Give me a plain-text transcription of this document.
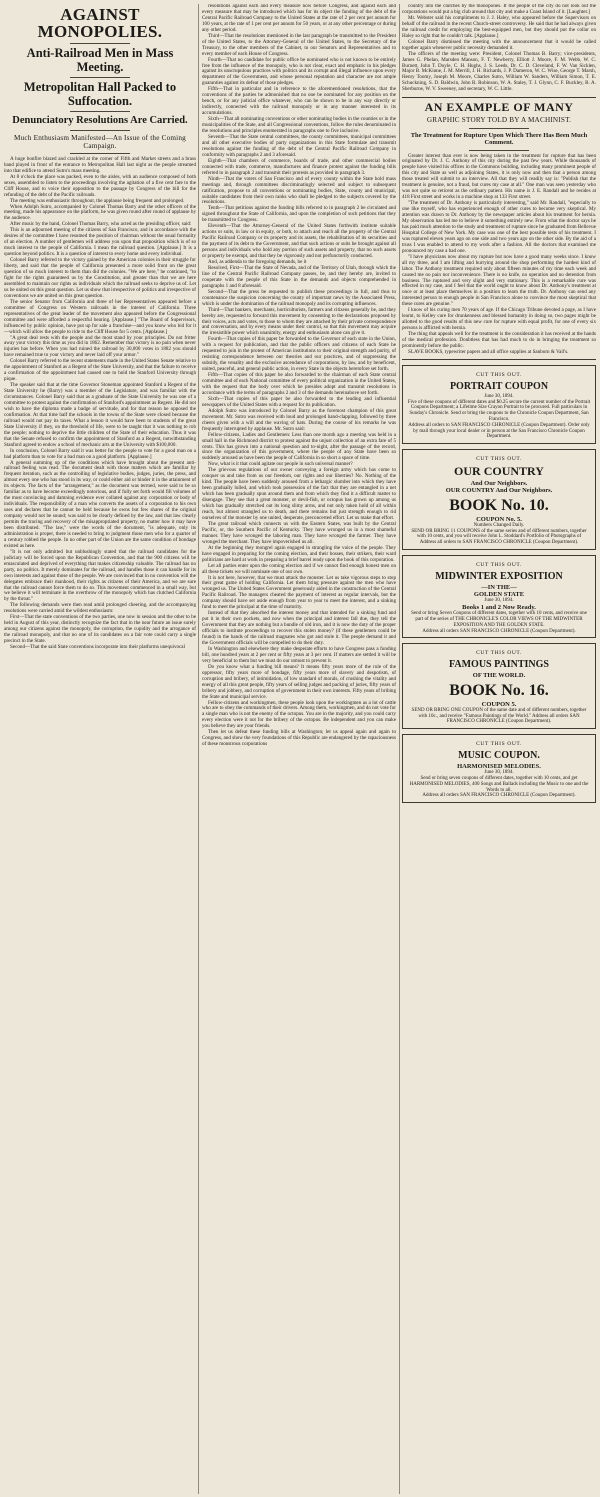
AGAINST MONOPOLIES.
Anti-Railroad Men in Mass Meeting.
Metropolitan Hall Packed to Suffocation.
Denunciatory Resolutions Are Carried.
Much Enthusiasm Manifested—An Issue of the Coming Campaign.

A huge bonfire blazed and crackled at the corner of Fifth and Market streets and a brass band played in front of the entrance to Metropolitan Hall last night as the people streamed into that edifice to attend Sutro's mass meeting.

At 8 o'clock the place was packed, even to the aisles, with an audience composed of both sexes, assembled to listen to the proceedings involving the agitation of a five cent fare to the Cliff House, and to voice their opposition to the passage by Congress of the bill for the refunding of the debt of the Pacific railroads.

The meeting was enthusiastic throughout, the applause being frequent and prolonged.

When Adolph Sutro, accompanied by Colonel Thomas Barry and the other officers of the meeting, made his appearance on the platform, he was given round after round of applause by the audience.

After music by the band, Colonel Thomas Barry, who acted as the presiding officer, said:

This is an adjourned meeting of the citizens of San Francisco, and in accordance with the desires of the committee I have resumed the position of chairman without the usual formality of an election. A number of gentlemen will address you upon that proposition which is of so much interest to the people of California. I mean the railroad question. [Applause.] It is a question beyond politics. It is a question of interest to every home and every individual.

Colonel Barry referred to the victory gained by the American colonies in their struggle for liberty, and said that the people of California presented a more solid front on the great question of so much interest to them than did the colonies. "We are here," he continued, "to fight for the rights guaranteed us by the Constitution, and greater than that we are here assembled to maintain our rights as individuals which the railroad seeks to deprive us of. Let us be united on this great question. Let us show that irrespective of politics and irrespective of conventions we are united on this great question.

The senior Senator from California and three of her Representatives appeared before a committee of Congress on Western railroads in the interest of California. Three representatives of the great leader of the movement also appeared before the Congressional committee and were afforded a respectful hearing. [Applause.] "The Board of Supervisors, influenced by public opinion, have put up for sale a franchise—and you know who bid for it—which will allow the people to ride to the Cliff House for 5 cents. [Applause.]

"A great deal rests with the people and the most stand by your principles. Do not fritter away your victory this time as you did in 1862. Remember that victory is no pain when never injuries has before. When you had ruined the railroad by 30,000 votes in 1882 you should have remained true to your victory and never laid off your armor."

Colonel Barry referred to the recent statements made in the United States Senate relative to the appointment of Stanford as a Regent of the State University, and that the failure to receive a confirmation of the appointment had caused one to hold the Stanford University through pique.

The speaker said that at the time Governor Stoneman appointed Stanford a Regent of the State University he (Barry) was a member of the Legislature, and was familiar with the circumstances. Colonel Barry said that as a graduate of the State University he was one of a committee to protest against the confirmation of Stanford's appointment as Regent. He did not wish to have the diploma made a badge of servitude, and for that reason he opposed the confirmation. At that time half the schools in the towns of the State were closed because the railroad would not pay its taxes. What a lesson it would have been to students of the great State University if they, on the threshold of life, were to be taught that it was nothing to rob the people; nothing to deprive the little children of the State of their education. Thus it was that the Senate refused to confirm the appointment of Stanford as a Regent, notwithstanding Stanford agreed to endow a school of mechanic arts at the University with $100,000.

In conclusion, Colonel Barry said it was better for the people to vote for a good man on a bad platform than to vote for a bad man on a good platform. [Applause.]

A general summing up of the conditions which have brought about the present anti-railroad feeling was read. The document dealt with those matters which are familiar by frequent iteration, such as the controlling of legislative bodies, judges, juries, the press, and almost every one who has stood in its way, or could either aid or hinder it in the attainment of its objects. The facts of the "arrangement," as the document was termed, were said to be so familiar as to have become exceedingly notorious, and if fully set forth would fill volumes of the most convincing and damning evidence ever collated against any corporation or body of individuals. The responsibility of a man who converts the assets of a corporation to his own uses and declares that he cannot be held because he owns but few shares of the original company would not be sound; was said to be clearly defined by the law, and that law clearly permits the tracing and recovery of the misappropriated property, no matter how it may have been distributed. "The law," were the words of the document, "is adequate, only its administration is proper, there is needed to bring to judgment those men who for a quarter of a century robbed the people. In no other part of the Union are the same condition of bondage existed as here.

"It is not only admitted but unblushingly stated that the railroad candidates for the judiciary will be forced upon the Republican Convention, and that the 900 citizens will be emasculated and deprived of everything that makes citizenship valuable. The railroad has no party, no politics. It merely dominates for the railroad, and handles those it can handle for its own interests and against those of the people. We are convinced that in no convention will the delegates embrace their manhood, their rights as citizens of their America, and we are sure that the railroad cannot force them to do so. This movement commenced in a small way, but we believe it will terminate in the overthrow of the monopoly which has clutched California by the throat."

The following demands were then read amid prolonged cheering, and the accompanying resolutions were carried amid the wildest enthusiasm:

First—That the state conventions of the two parties, one now in session and the other to be held in August of this year, distinctly recognize the fact that in the near future an issue surely among our citizens against the monopoly, the corruption, the cupidity and the arrogance of the railroad monopoly, and that no one of its candidates on a fair vote could carry a single precinct in the State.

Second—That the said State conventions incorporate into their platforms unequivocal

resolutions against each and every measure now before Congress, and against each and every measure that may be introduced which has for its object the funding of the debt of the Central Pacific Railroad Company to the United States at the rate of 2 per cent per annum for 100 years, at the rate of 1 per cent per annum for 50 years, or at any other percentage or during any other period.

Third—That the resolutions mentioned in the last paragraph be transmitted to the President of the United States, to the Attorney-General of the United States, to the Secretary of the Treasury, to the other members of the Cabinet, to our Senators and Representatives and to every member of each House of Congress.

Fourth—That no candidate for public office be nominated who is not known to be entirely free from the influence of the monopoly, who is not clear, exact and emphatic in his pledges against its unscrupulous practices with politics and its corrupt and illegal influence upon every department of the Government, and whose personal reputation and character are not ample guaranties against its defeat of those pledges.

Fifth—That in particular and in reference to the aforementioned resolutions, that the conventions of the parties be admonished that no one be nominated for any position on the bench, or for any judicial office whatever, who can be shown to be in any way directly or indirectly, connected with the railroad monopoly or in any manner interested in its accumulations.

Sixth—That all nominating conventions or other nominating bodies in the counties or in the municipalities of the State, and all Congressional conventions, follow the rules denominated in the resolutions and principles enumerated in paragraphs one to five inclusive.

Seventh—That the State central committees, the county committees, municipal committees and all other executive bodies of party organizations in this State formulate and transmit resolutions against the funding of the debt of the Central Pacific Railroad Company in conformity with paragraphs 2 and 3 aforesaid.

Eighth—That chambers of commerce, boards of trade, and other commercial bodies connected with trade, commerce, manufactures and finance protest against the funding bills referred to in paragraph 2 and transmit their protests as provided in paragraph 3.

Ninth—That the voters of San Francisco and of every county within the State hold mass meetings and, through committees discriminatingly selected and subject to subsequent ratification, propose to all conventions or nominating bodies, State, county and municipal, suitable candidates from their own ranks who shall be pledged to the subjects covered by the resolutions.

Tenth—That petitions against the funding bills referred to in paragraph 2 be circulated and signed throughout the State of California, and upon the completion of such petitions that they be transmitted to Congress.

Eleventh—That the Attorney-General of the United States forthwith institute suitable actions or suits, in law or in equity, or both, to attach and reach all the property of the Central Pacific Railroad Company or its property and its assets, the rehabilitation of its securities and the payment of its debt to the Government, and that such actions or suits be brought against all persons and individuals who hold any portion of such assets and property, that no such assets or property be exempt, and that they be vigorously and not perfunctorily conducted.

And, as addenda to the foregoing demands, be it

Resolved, First—That the State of Nevada, and of the Territory of Utah, through which the line of the Central Pacific Railroad Company passes, be, and they hereby are, invited to cooperate with the people of this State in the demands and objects comprehended in paragraphs 1 and 8 aforesaid.

Second—That the press be requested to publish these proceedings in full, and thus to countenance the suspicion concerning the county of important news by the Associated Press, which is under the domination of the railroad monopoly and its corrupting influences.

Third—That bankers, merchants, horticulturists, farmers and citizens generally be, and they hereby are, requested to forward this movement by consenting to the declarations proposed by their voices, acts and votes, to those to whom they are attached by their private correspondence and conversation, and by every means under their control, so that this movement may acquire the irresistible power which unanimity, energy and enthusiasm alone can give it.

Fourth—That copies of this paper be forwarded to the Governor of each state in the Union, with a request for publication, and that the public officers and citizens of each State be requested to join in the protest of American institutions to their original strength and purity, of resisting correspondence between our theories and our practices, and of suppressing the subsidy, the venality and the exclusive ascendance of corporations, by law, and by beneficent, united, peaceful, and general public action, in every State in the objects heretofore set forth.

Fifth—That copies of this paper be also forwarded to the chairman of each State central committee and of each National committee of every political organization in the United States, with the request that the body over which he presides adopt and transmit resolutions in accordance with the terms of paragraphs 2 and 3 of the demands hereinabove set forth.

Sixth—That copies of this paper be also forwarded to the leading and influential newspapers of the United States with a request for its publication.

Adolph Sutro was introduced by Colonel Barry as the foremost champion of this great movement. Mr. Sutro was received with loud and prolonged hand-clapping, followed by three cheers given with a will and the waving of hats. During the course of his remarks he was frequently interrupted by applause. Mr. Sutro said:

Fellow-citizens, Ladies and Gentlemen: Less than one month ago a meeting was held in a small hall in the Richmond district to protest against the unjust collection of an extra fare of 5 cents. This has grown into a national question and to-night, after the passage of the record, since the organization of this government, where the people of any State have been so suddenly aroused as have been the people of California in so short a space of time.

Now, what is it that could agitate our people in such universal manner?

The grievous regulations of our owner conveying a foreign army which has come to conquer us and take from us our freedom, our rights and our liberties? No. Nothing of the kind. The people have been suddenly aroused from a lethargic slumber into which they have been gradually lulled, and which took possession of the fact that they are entangled in a net which has been gradually spun around them and from which they find it a difficult matter to disengage. They see that a great monster, or devil-fish, or octopus has grown up among us which has gradually stretched out its long slimy arms, and not only taken hold of all within reach, but almost strangled us to death, and there remains but just strength enough to rid ourselves of the monster by one united, desperate, preconcerted effort. Let us make that effort.

The great railroad which connects us with the Eastern States, was built by the Central Pacific, or, the Southern Pacific of Kentucky. They have wronged us in a most shameful manner. They have wronged the laboring man. They have wronged the farmer. They have wronged the merchant. They have impoverished us all.

At the beginning they mongrel again engaged in strangling the voice of the people. They have engaged in preparing for the coming election, and their bosses, their strikers, their ward politicians are hard at work in preparing a brief barrel ready upon the book of this corporation.

Let all parties enter upon the coming election and if we cannot find enough honest men on all these tickets we will nominate one of our own.

It is not here, however, that we must attack the monster. Let us take vigorous steps to stop their great game of holding California. Let them bring pressure against the men who have wronged us. The United States Government generously aided in the construction of the Central Pacific Railroad. The managers cheated the payment of interest as regular intervals, but the company should have set aside enough from year to year to meet the interest, and a sinking fund to meet the principal at the time of maturity.

Instead of that they absorbed the interest money and that intended for a sinking fund and put it in their own pockets, and now when the principal and interest fall due, they tell the Government that they are nothing but a bundle of old iron, and it is now the duty of the proper officials to institute proceedings to recover this stolen money? (if these gentlemen could be found) in the hands of the railroad magnates who got and stole it. The people demand it and the Government officials will be compelled to do their duty.

In Washington and elsewhere they make desperate efforts to have Congress pass a funding bill, one hundred years at 2 per cent or fifty years at 3 per cent. If matters are settled it will be very beneficial to them but we must do our utmost to prevent it.

Do you know what a funding bill means? It means fifty years more of the rule of the oppressor, fifty years more of bondage, fifty years more of slavery and despotism, of corruption and bribery, of intimidation, of low standard of morals, of crushing the vitality and energy of all this great people, fifty years of selling judges and packing of juries, fifty years of bribery and jobbery, and corruption of government in their own interests. Fifty years of bribing the State and municipal service.

Fellow-citizens and workingmen, these people look upon the workingmen as a lot of cattle who are to obey the commands of their drivers. Among them, workingmen, and do not vote for a single man who is not the enemy of the octopus. You are in the majority, and you could carry every election were it not for the bribery of the octopus. Be independent and you can make you believe they are your friends.

Then let us defeat these funding bills at Washington; let us appeal again and again to Congress, and show the very foundations of this Republic are endangered by the rapaciousness of these monstrous corporations

country into the clutches by the monopolies. If the people of the city do not look out the corporations would put a big club around that city and make a Coast Island of it. [Laughter.]

Mr. Webster said his compliments to J. J. Haley, who appeared before the Supervisors on behalf of the railroad in the recent Church-street controversy. He said that he had always given the railroad credit for employing the best-equipped men, but they should put the collar on Haley so tight that he couldn't talk. [Applause.]

Colonel Barry dismissed the meeting with the announcement that it would be called together again whenever public necessity demanded it.

The officers of the meeting were: President, Colonel Thomas B. Barry; vice-presidents, James G. Phelan, Marsden Manson, F. T. Newberry, Elliott J. Moore, F. M. Webb, W. C. Burnett, John T. Doyle, C. H. Hughs, J. S. Leeds, Dr. C. D. Cleveland, F. W. Van Sicklen, Major B. McKinne, J. M. Merrill, J. H. Richards, J. P. Dameron, W. C. Wise, George T. Marsh, Henry Toomy, Joseph M. Moore, Charles Sutro, William W. Sanders, William Simon, T. E. Schuckning, S. D. Baldwin, John R. Robinson, W. A. Staley, T. J. Glynn, C. F. Buckley, B. A. Sherburne, W. V. Sweeney, and secretary, W. C. Little.

AN EXAMPLE OF MANY
GRAPHIC STORY TOLD BY A MACHINIST.
The Treatment for Rupture Upon Which There Has Been Much Comment.

Greater interest than ever is now being taken in the treatment for rupture that has been originated by Dr. J. C. Anthony of this city during the past few years. While thousands of people have visited his offices in the Commons building, including many prominent people of this city and State as well as adjoining States, it is only now and then that a person among those treated will submit to an interview. All that they will readily say is: "Publish that the treatment is genuine, not a fraud, but cures my case at all." One man was seen yesterday who was not quite so reticent as the ordinary patient. His name is J. E. Randall and he resides at 418 First street and works in a machine shop at 133 First street.

"The treatment of Dr. Anthony is particularly interesting," said Mr. Randall, "especially to one like myself, who has experienced enough of other cures to become very skeptical. My attention was drawn to Dr. Anthony by the newspaper articles about his treatment for hernia. My observation has led me to believe it something entirely new. From what the doctor says he has paid much attention to the study and treatment of rupture since he graduated from Bellevue Hospital College of New York. My case was one of the best possible tests of his treatment. I was ruptured eleven years ago on one side and two years ago on the other side. By the aid of a truss I was enabled to attend to my work after a fashion. All the doctors that examined me pronounced my case a bad one.

"I have physicians now about my rupture but now have a good many weeks since. I know all my three, and I am lifting and hurrying around the shop performing the hardest kind of labor. The Anthony treatment required only about fifteen minutes of my time each week and caused me no pain nor inconvenience. There is no knife, no operation and no detention from business. The ruptured and very slight and very stationary. This is a remarkable cure was effected in my case, and I feel that the world ought to know about Dr. Anthony's treatment at once or at least place themselves in a position to learn the truth. Dr. Anthony can send any interested person to enough people in San Francisco alone to convince the most skeptical that these cures are genuine."

I know of his curing men 70 years of age. If the Chicago Tribune devoted a page, as I have learnt, to Kelley cure for drunkenness and blessed humanity in doing so, two pages might be allotted to the good results of this new cure for rupture with equal profit, for one of every six persons is afflicted with hernia.

The thing that appeals well for the treatment is the consideration it has received at the hands of the medical profession. Doubtless that has had much to do in bringing the treatment so prominently before the public.

SLAVE BOOKS, typewriter papers and all office supplies at Sanborn & Vail's.

CUT THIS OUT.
PORTRAIT COUPON
June 30, 1894.
Five of these coupons of different dates and $0.25 secure the current number of the Portrait Coupons Department; a Lifetime Size Crayon Portrait to be procured. Full particulars in Sunday's Chronicle. Send or bring the coupons to the Chronicle Coupon Department, San Francisco.
Address all orders to SAN FRANCISCO CHRONICLE (Coupon Department). Order only by mail through your local dealer or in person at the San Francisco Chronicle Coupon Department.
CUT THIS OUT.
OUR COUNTRY
And Our Neighbors.
OUR COUNTRY And Our Neighbors.
BOOK No. 10.
COUPON No. 5.
Numbers Changed Daily.
SEND OR BRING 11 COUPONS of the same series and of different numbers, together with 10 cents, and you will receive John L. Stoddard's Portfolio of Photographs of
Address all orders to SAN FRANCISCO CHRONICLE (Coupon Department).
CUT THIS OUT.
MIDWINTER EXPOSITION
—IN THE—
GOLDEN STATE
June 30, 1894.
Books 1 and 2 Now Ready.
Send or bring Seven Coupons of different dates, together with 10 cents, and receive one part of the series of THE CHRONICLE'S COLOR VIEWS OF THE MIDWINTER EXPOSITION AND THE GOLDEN STATE.
Address all orders SAN FRANCISCO CHRONICLE (Coupon Department).
CUT THIS OUT.
FAMOUS PAINTINGS
OF THE WORLD.
BOOK No. 16.
COUPON 5.
SEND OR BRING ONE COUPON of the same date and of different numbers, together with 10c., and receive "Famous Paintings of the World." Address all orders SAN FRANCISCO CHRONICLE (Coupon Department).
CUT THIS OUT.
MUSIC COUPON.
HARMONISED MELODIES.
June 30, 1894.
Send or bring seven coupons of different dates, together with 10 cents, and get HARMONISED MELODIES, 400 Songs and Ballads including the Music to one and the Words to all.
Address all orders SAN FRANCISCO CHRONICLE (Coupon Department).
